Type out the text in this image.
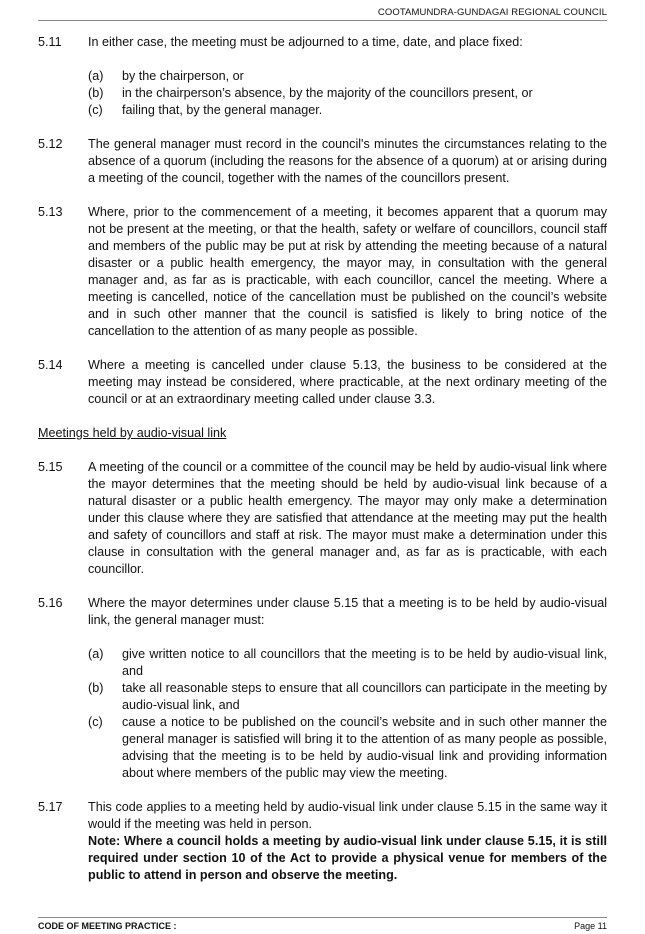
COOTAMUNDRA-GUNDAGAI REGIONAL COUNCIL
5.11	In either case, the meeting must be adjourned to a time, date, and place fixed:

(a)	by the chairperson, or
(b)	in the chairperson’s absence, by the majority of the councillors present, or
(c)	failing that, by the general manager.
5.12	The general manager must record in the council's minutes the circumstances relating to the absence of a quorum (including the reasons for the absence of a quorum) at or arising during a meeting of the council, together with the names of the councillors present.

5.13	Where, prior to the commencement of a meeting, it becomes apparent that a quorum may not be present at the meeting, or that the health, safety or welfare of councillors, council staff and members of the public may be put at risk by attending the meeting because of a natural disaster or a public health emergency, the mayor may, in consultation with the general manager and, as far as is practicable, with each councillor, cancel the meeting. Where a meeting is cancelled, notice of the cancellation must be published on the council’s website and in such other manner that the council is satisfied is likely to bring notice of the cancellation to the attention of as many people as possible.

5.14	Where a meeting is cancelled under clause 5.13, the business to be considered at the meeting may instead be considered, where practicable, at the next ordinary meeting of the council or at an extraordinary meeting called under clause 3.3.

Meetings held by audio-visual link
5.15	A meeting of the council or a committee of the council may be held by audio-visual link where the mayor determines that the meeting should be held by audio-visual link because of a natural disaster or a public health emergency. The mayor may only make a determination under this clause where they are satisfied that attendance at the meeting may put the health and safety of councillors and staff at risk. The mayor must make a determination under this clause in consultation with the general manager and, as far as is practicable, with each councillor.

5.16	Where the mayor determines under clause 5.15 that a meeting is to be held by audio-visual link, the general manager must:

(a)	give written notice to all councillors that the meeting is to be held by audio-visual link, and
(b)	take all reasonable steps to ensure that all councillors can participate in the meeting by audio-visual link, and
(c)	cause a notice to be published on the council’s website and in such other manner the general manager is satisfied will bring it to the attention of as many people as possible, advising that the meeting is to be held by audio-visual link and providing information about where members of the public may view the meeting.
5.17	This code applies to a meeting held by audio-visual link under clause 5.15 in the same way it would if the meeting was held in person.

Note: Where a council holds a meeting by audio-visual link under clause 5.15, it is still required under section 10 of the Act to provide a physical venue for members of the public to attend in person and observe the meeting.

CODE OF MEETING PRACTICE :	Page 11
